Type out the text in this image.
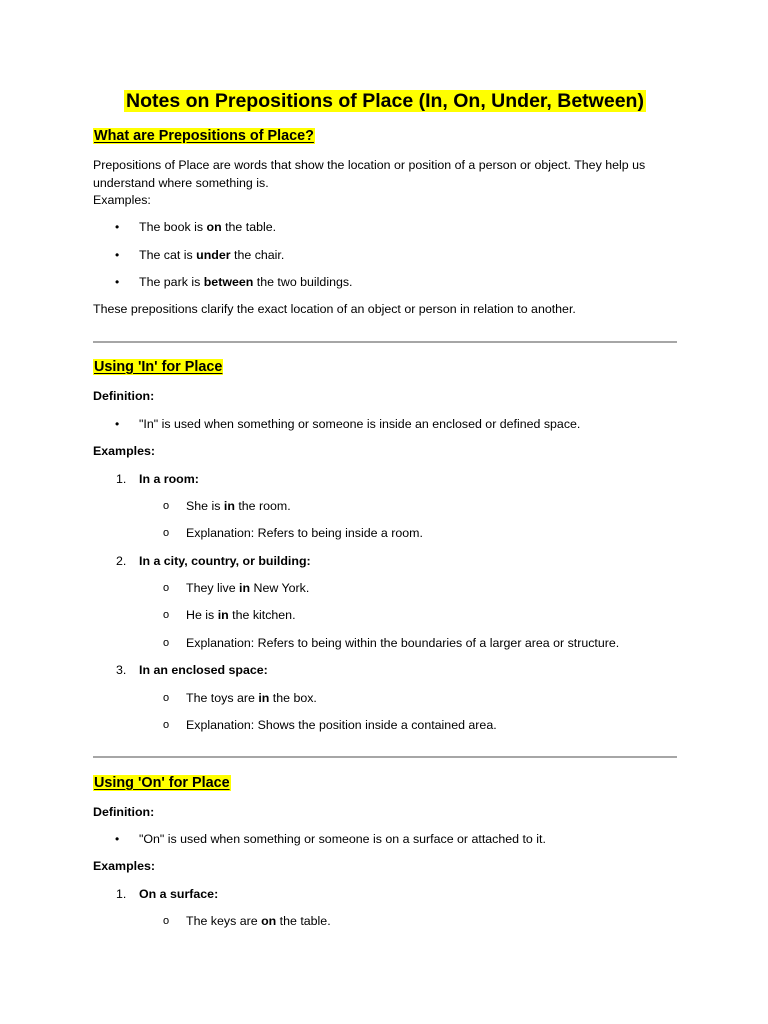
Notes on Prepositions of Place (In, On, Under, Between)
What are Prepositions of Place?
Prepositions of Place are words that show the location or position of a person or object. They help us
understand where something is.
Examples:
The book is on the table.
The cat is under the chair.
The park is between the two buildings.
These prepositions clarify the exact location of an object or person in relation to another.
Using 'In' for Place
Definition:
"In" is used when something or someone is inside an enclosed or defined space.
Examples:
1. In a room:
o She is in the room.
o Explanation: Refers to being inside a room.
2. In a city, country, or building:
o They live in New York.
o He is in the kitchen.
o Explanation: Refers to being within the boundaries of a larger area or structure.
3. In an enclosed space:
o The toys are in the box.
o Explanation: Shows the position inside a contained area.
Using 'On' for Place
Definition:
"On" is used when something or someone is on a surface or attached to it.
Examples:
1. On a surface:
o The keys are on the table.
